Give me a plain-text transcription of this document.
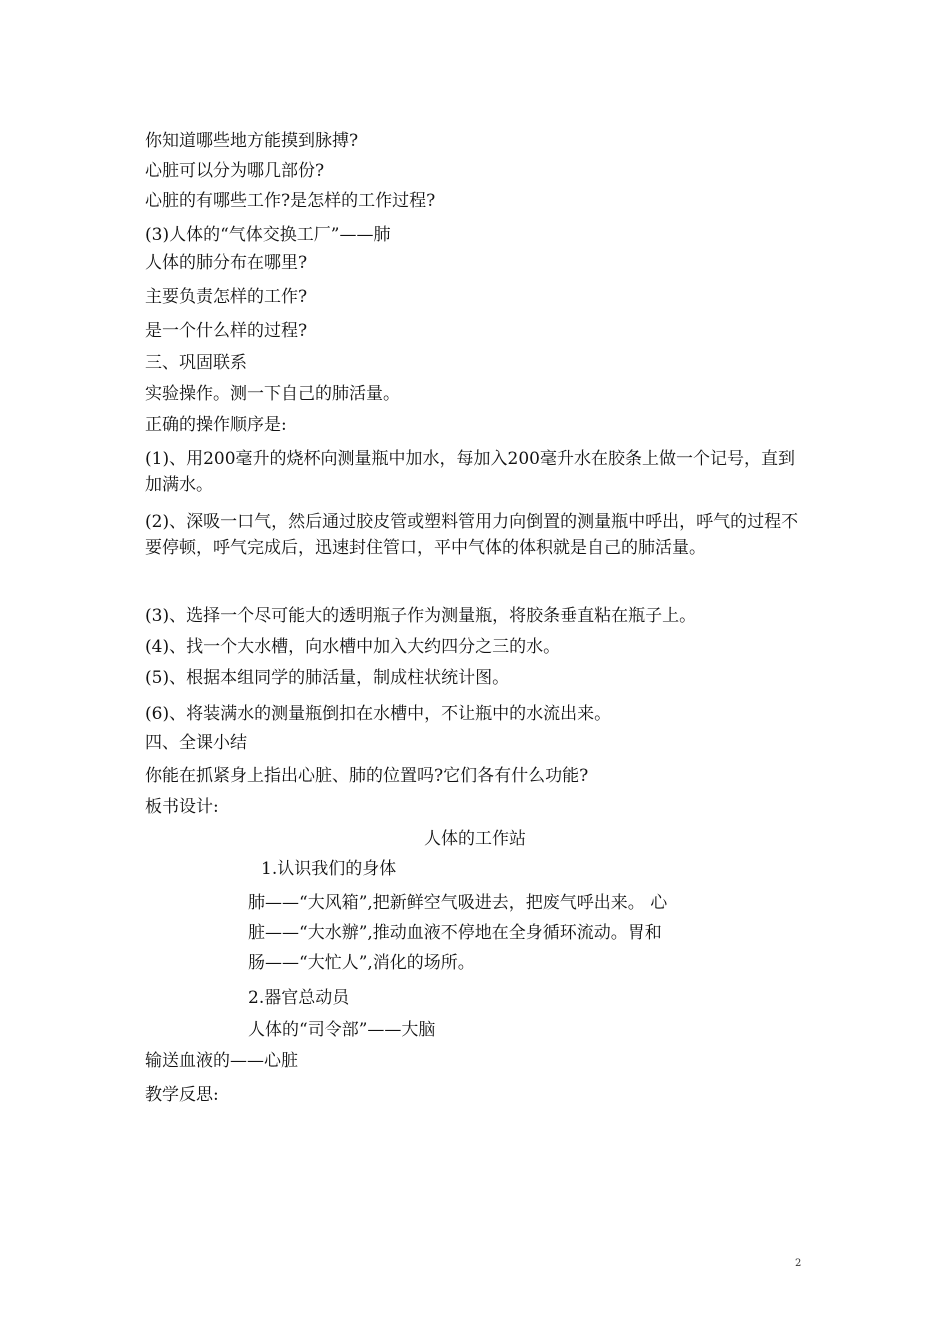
你知道哪些地方能摸到脉搏?
心脏可以分为哪几部份?
心脏的有哪些工作?是怎样的工作过程?
(3)人体的“气体交换工厂”——肺
人体的肺分布在哪里?
主要负责怎样的工作?
是一个什么样的过程?
三、巩固联系
实验操作。测一下自己的肺活量。
正确的操作顺序是:
(1)、用200毫升的烧杯向测量瓶中加水，每加入200毫升水在胶条上做一个记号，直到加满水。
(2)、深吸一口气，然后通过胶皮管或塑料管用力向倒置的测量瓶中呼出，呼气的过程不要停顿，呼气完成后，迅速封住管口，平中气体的体积就是自己的肺活量。
(3)、选择一个尽可能大的透明瓶子作为测量瓶，将胶条垂直粘在瓶子上。
(4)、找一个大水槽，向水槽中加入大约四分之三的水。
(5)、根据本组同学的肺活量，制成柱状统计图。
(6)、将装满水的测量瓶倒扣在水槽中，不让瓶中的水流出来。
四、全课小结
你能在抓紧身上指出心脏、肺的位置吗?它们各有什么功能?
板书设计:
人体的工作站
1.认识我们的身体
肺——“大风箱”,把新鲜空气吸进去，把废气呼出来。 心
脏——“大水辦”,推动血液不停地在全身循环流动。胃和
肠——“大忙人”,消化的场所。
2.器官总动员
人体的“司令部”——大脑
输送血液的——心脏
教学反思:
2
